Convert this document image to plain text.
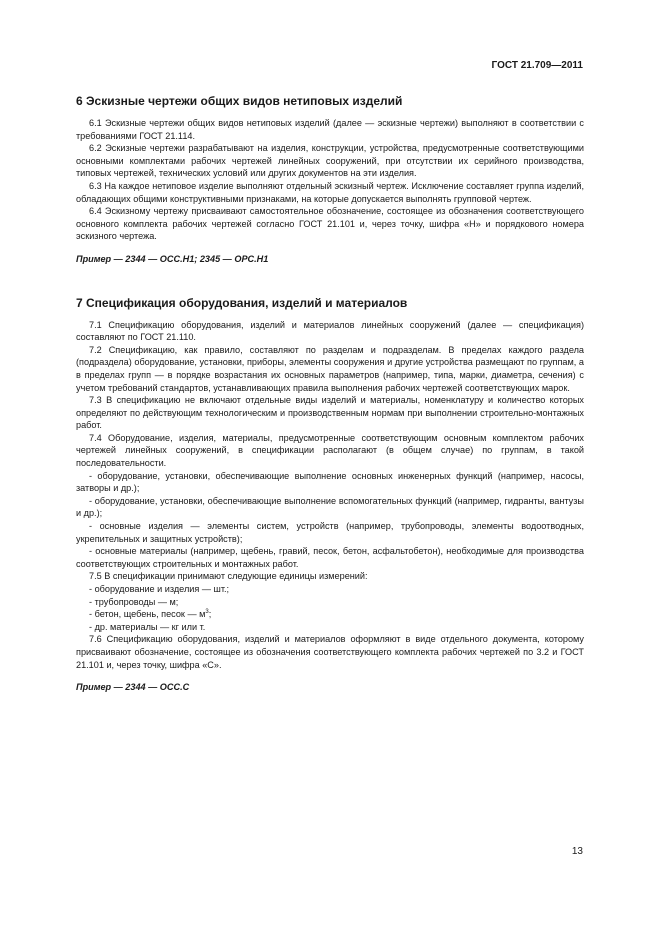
ГОСТ 21.709—2011
6 Эскизные чертежи общих видов нетиповых изделий

6.1 Эскизные чертежи общих видов нетиповых изделий (далее — эскизные чертежи) выполняют в соответствии с требованиями ГОСТ 21.114.

6.2 Эскизные чертежи разрабатывают на изделия, конструкции, устройства, предусмотренные соответствующими основными комплектами рабочих чертежей линейных сооружений, при отсутствии их серийного производства, типовых чертежей, технических условий или других документов на эти изделия.

6.3 На каждое нетиповое изделие выполняют отдельный эскизный чертеж. Исключение составляет группа изделий, обладающих общими конструктивными признаками, на которые допускается выполнять групповой чертеж.

6.4 Эскизному чертежу присваивают самостоятельное обозначение, состоящее из обозначения соответствующего основного комплекта рабочих чертежей согласно ГОСТ 21.101 и, через точку, шифра «Н» и порядкового номера эскизного чертежа.

Пример — 2344 — ОСС.Н1; 2345 — ОРС.Н1

7 Спецификация оборудования, изделий и материалов

7.1 Спецификацию оборудования, изделий и материалов линейных сооружений (далее — спецификация) составляют по ГОСТ 21.110.

7.2 Спецификацию, как правило, составляют по разделам и подразделам. В пределах каждого раздела (подраздела) оборудование, установки, приборы, элементы сооружения и другие устройства размещают по группам, а в пределах групп — в порядке возрастания их основных параметров (например, типа, марки, диаметра, сечения) с учетом требований стандартов, устанавливающих правила выполнения рабочих чертежей соответствующих марок.

7.3 В спецификацию не включают отдельные виды изделий и материалы, номенклатуру и количество которых определяют по действующим технологическим и производственным нормам при выполнении строительно-монтажных работ.

7.4 Оборудование, изделия, материалы, предусмотренные соответствующим основным комплектом рабочих чертежей линейных сооружений, в спецификации располагают (в общем случае) по группам, в такой последовательности.

- оборудование, установки, обеспечивающие выполнение основных инженерных функций (например, насосы, затворы и др.);

- оборудование, установки, обеспечивающие выполнение вспомогательных функций (например, гидранты, вантузы и др.);

- основные изделия — элементы систем, устройств (например, трубопроводы, элементы водоотводных, укрепительных и защитных устройств);

- основные материалы (например, щебень, гравий, песок, бетон, асфальтобетон), необходимые для производства соответствующих строительных и монтажных работ.

7.5 В спецификации принимают следующие единицы измерений:

- оборудование и изделия — шт.;

- трубопроводы — м;

- бетон, щебень, песок — $м^3$;

- др. материалы — кг или т.

7.6 Спецификацию оборудования, изделий и материалов оформляют в виде отдельного документа, которому присваивают обозначение, состоящее из обозначения соответствующего комплекта рабочих чертежей по 3.2 и ГОСТ 21.101 и, через точку, шифра «С».

Пример — 2344 — ОСС.С

13
